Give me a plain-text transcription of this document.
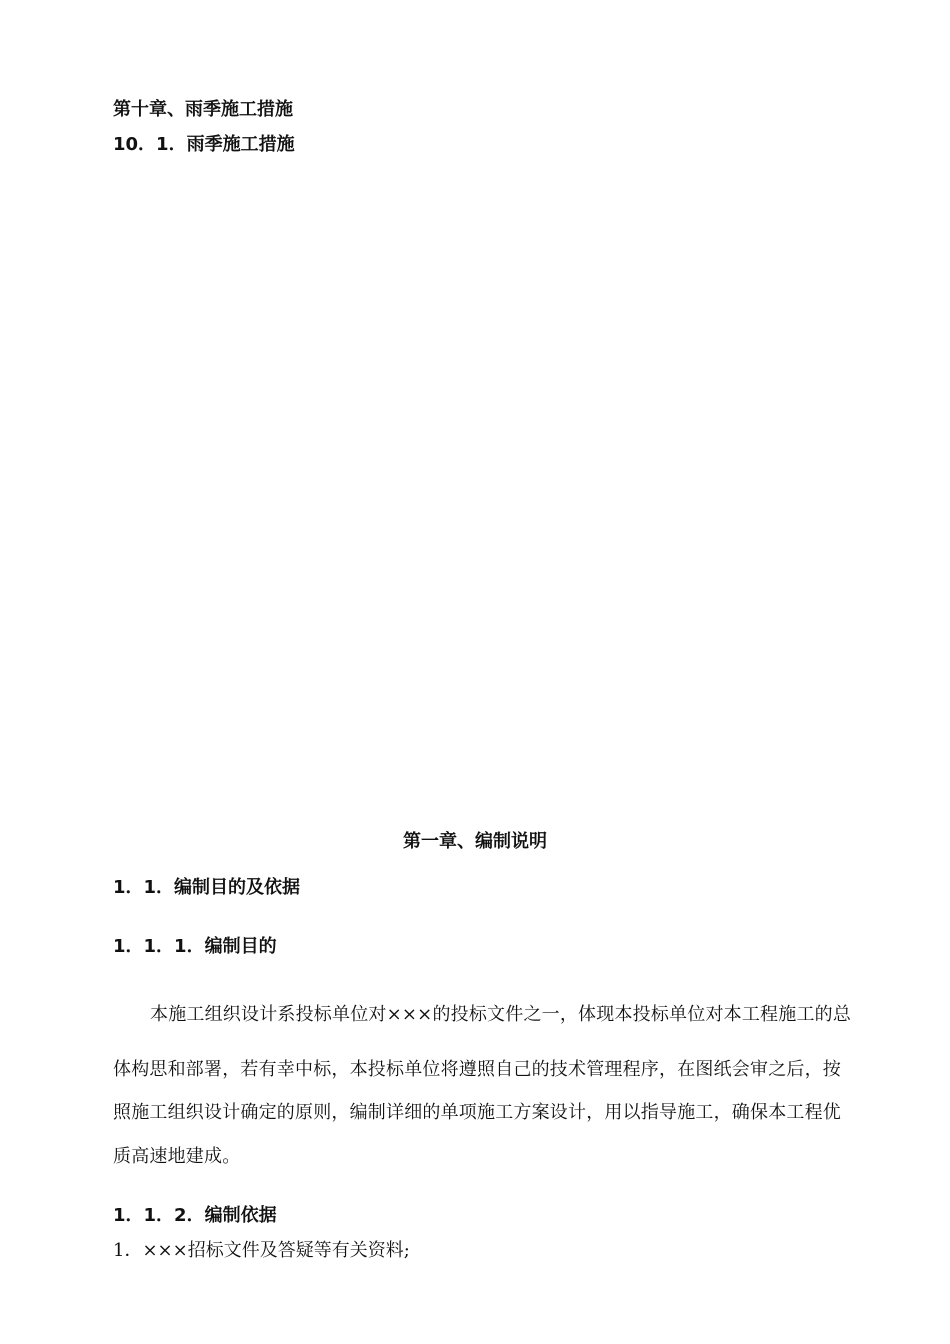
第十章、雨季施工措施
10．1．雨季施工措施
第一章、编制说明
1．1．编制目的及依据
1．1．1．编制目的
本施工组织设计系投标单位对×××的投标文件之一，体现本投标单位对本工程施工的总
体构思和部署，若有幸中标，本投标单位将遵照自己的技术管理程序，在图纸会审之后，按
照施工组织设计确定的原则，编制详细的单项施工方案设计，用以指导施工，确保本工程优
质高速地建成。
1．1．2．编制依据
1．×××招标文件及答疑等有关资料;
